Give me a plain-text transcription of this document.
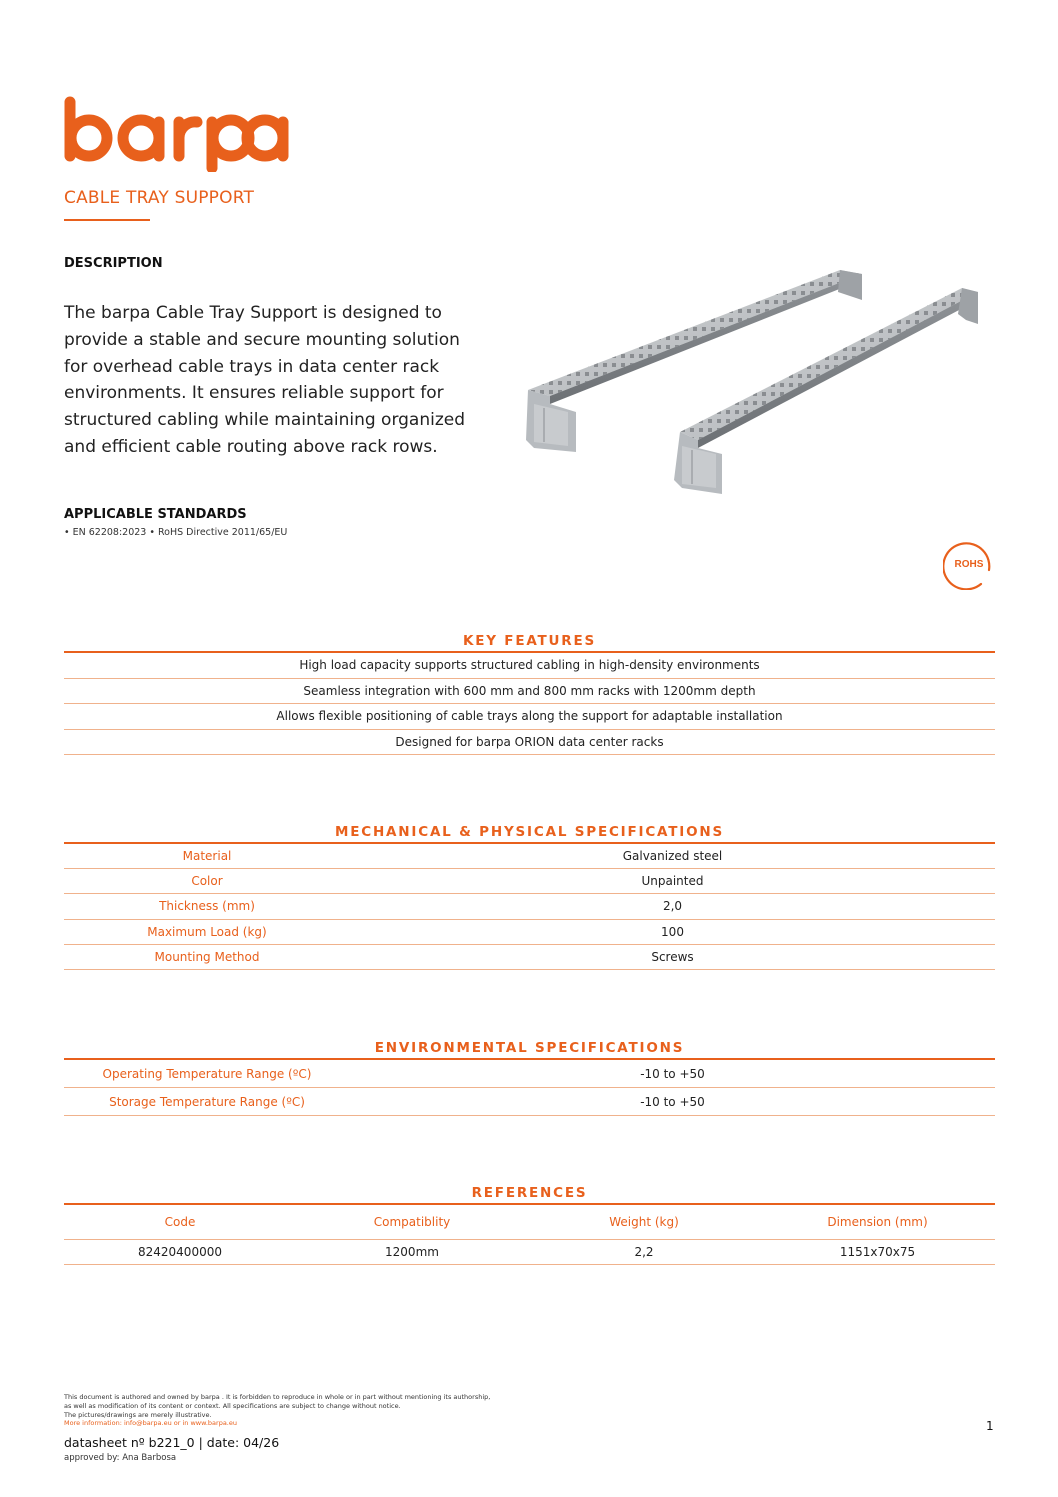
CABLE TRAY SUPPORT
DESCRIPTION
The barpa Cable Tray Support is designed to provide a stable and secure mounting solution for overhead cable trays in data center rack environments. It ensures reliable support for structured cabling while maintaining organized and efficient cable routing above rack rows.
APPLICABLE STANDARDS
• EN 62208:2023 • RoHS Directive 2011/65/EU
ROHS
KEY FEATURES
High load capacity supports structured cabling in high-density environments
Seamless integration with 600 mm and 800 mm racks with 1200mm depth
Allows flexible positioning of cable trays along the support for adaptable installation
Designed for barpa ORION data center racks
MECHANICAL & PHYSICAL SPECIFICATIONS
Material	Galvanized steel
Color	Unpainted
Thickness (mm)	2,0
Maximum Load (kg)	100
Mounting Method	Screws
ENVIRONMENTAL SPECIFICATIONS
Operating Temperature Range (ºC)	-10 to +50
Storage Temperature Range (ºC)	-10 to +50
REFERENCES
Code	Compatiblity	Weight (kg)	Dimension (mm)
82420400000	1200mm	2,2	1151x70x75
This document is authored and owned by barpa . It is forbidden to reproduce in whole or in part without mentioning its authorship,
as well as modification of its content or context. All specifications are subject to change without notice.
The pictures/drawings are merely illustrative.
More information: info@barpa.eu or in www.barpa.eu
datasheet nº b221_0 | date: 04/26
approved by: Ana Barbosa
1
